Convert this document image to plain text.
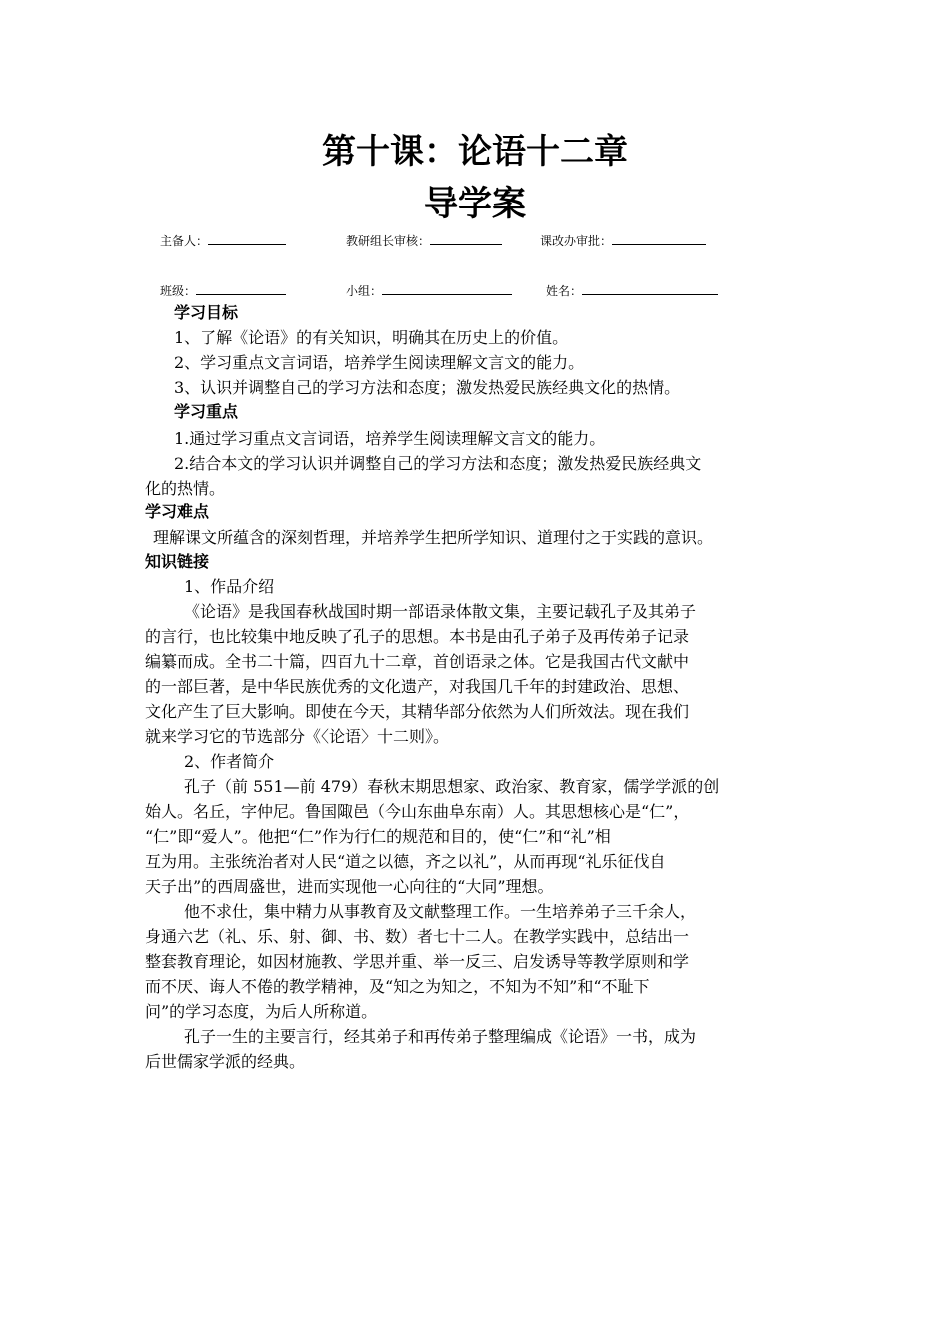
第十课：论语十二章
导学案
主备人：	教研组长审核：	课改办审批：
班级：	小组：	姓名：
学习目标
1、了解《论语》的有关知识，明确其在历史上的价值。
2、学习重点文言词语，培养学生阅读理解文言文的能力。
3、认识并调整自己的学习方法和态度；激发热爱民族经典文化的热情。
学习重点
1.通过学习重点文言词语，培养学生阅读理解文言文的能力。
2.结合本文的学习认识并调整自己的学习方法和态度；激发热爱民族经典文
化的热情。
学习难点
理解课文所蕴含的深刻哲理，并培养学生把所学知识、道理付之于实践的意识。
知识链接
1、作品介绍
《论语》是我国春秋战国时期一部语录体散文集，主要记载孔子及其弟子
的言行，也比较集中地反映了孔子的思想。本书是由孔子弟子及再传弟子记录
编纂而成。全书二十篇，四百九十二章，首创语录之体。它是我国古代文献中
的一部巨著，是中华民族优秀的文化遗产，对我国几千年的封建政治、思想、
文化产生了巨大影响。即使在今天，其精华部分依然为人们所效法。现在我们
就来学习它的节选部分《〈论语〉十二则》。
2、作者简介
孔子（前 551—前 479）春秋末期思想家、政治家、教育家，儒学学派的创
始人。名丘，字仲尼。鲁国陬邑（今山东曲阜东南）人。其思想核心是“仁”，
“仁”即“爱人”。他把“仁”作为行仁的规范和目的，使“仁”和“礼”相
互为用。主张统治者对人民“道之以德，齐之以礼”，从而再现“礼乐征伐自
天子出”的西周盛世，进而实现他一心向往的“大同”理想。
他不求仕，集中精力从事教育及文献整理工作。一生培养弟子三千余人，
身通六艺（礼、乐、射、御、书、数）者七十二人。在教学实践中，总结出一
整套教育理论，如因材施教、学思并重、举一反三、启发诱导等教学原则和学
而不厌、诲人不倦的教学精神，及“知之为知之，不知为不知”和“不耻下
问”的学习态度，为后人所称道。
孔子一生的主要言行，经其弟子和再传弟子整理编成《论语》一书，成为
后世儒家学派的经典。
